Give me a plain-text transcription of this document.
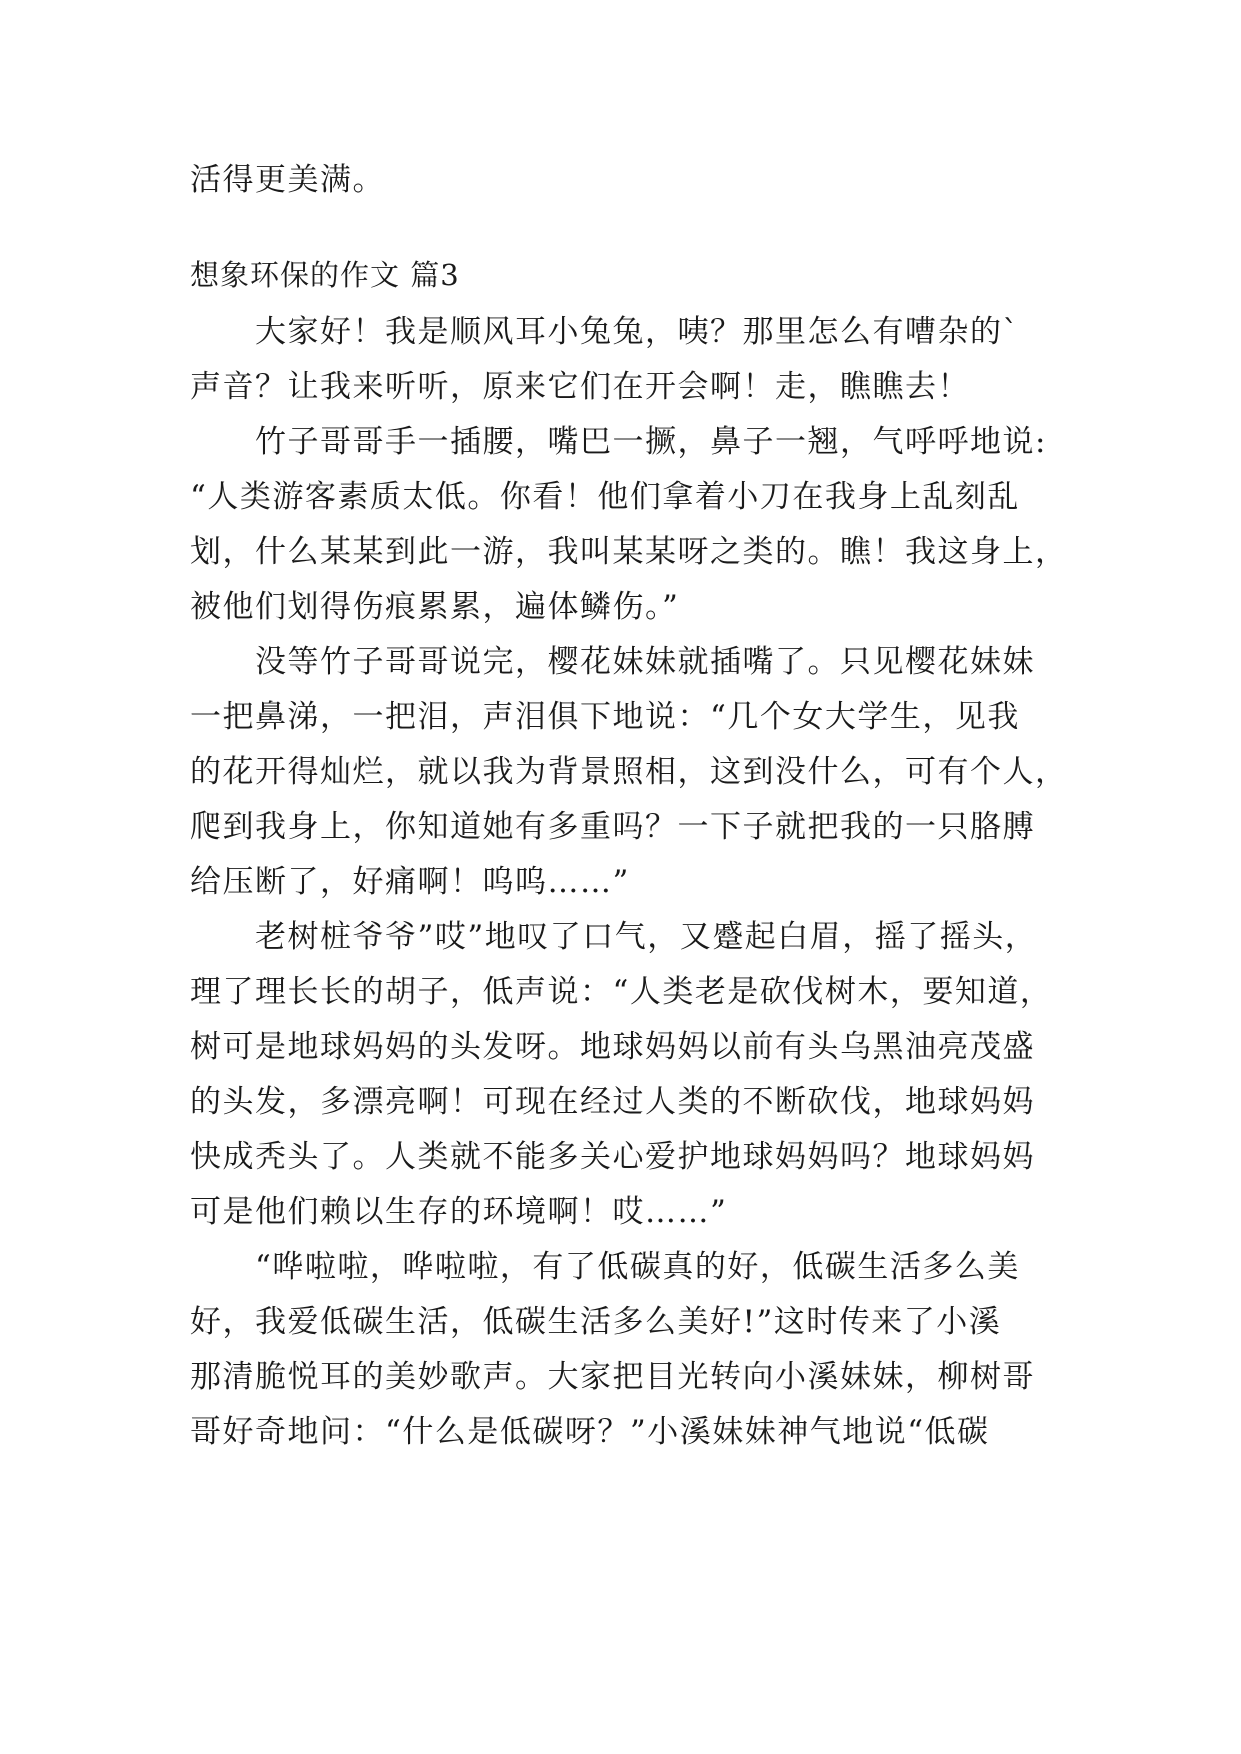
活得更美满。
想象环保的作文 篇3
　　大家好！我是顺风耳小兔兔，咦？那里怎么有嘈杂的`
声音？让我来听听，原来它们在开会啊！走，瞧瞧去！
　　竹子哥哥手一插腰，嘴巴一撅，鼻子一翘，气呼呼地说:
“人类游客素质太低。你看！他们拿着小刀在我身上乱刻乱
划，什么某某到此一游，我叫某某呀之类的。瞧！我这身上，
被他们划得伤痕累累，遍体鳞伤。”
　　没等竹子哥哥说完，樱花妹妹就插嘴了。只见樱花妹妹
一把鼻涕，一把泪，声泪俱下地说：“几个女大学生，见我
的花开得灿烂，就以我为背景照相，这到没什么，可有个人，
爬到我身上，你知道她有多重吗？一下子就把我的一只胳膊
给压断了，好痛啊！呜呜……”
　　老树桩爷爷”哎”地叹了口气，又蹙起白眉，摇了摇头，
理了理长长的胡子，低声说：“人类老是砍伐树木，要知道，
树可是地球妈妈的头发呀。地球妈妈以前有头乌黑油亮茂盛
的头发，多漂亮啊！可现在经过人类的不断砍伐，地球妈妈
快成秃头了。人类就不能多关心爱护地球妈妈吗？地球妈妈
可是他们赖以生存的环境啊！哎……”
　　“哗啦啦，哗啦啦，有了低碳真的好，低碳生活多么美
好，我爱低碳生活，低碳生活多么美好!”这时传来了小溪
那清脆悦耳的美妙歌声。大家把目光转向小溪妹妹，柳树哥
哥好奇地问：“什么是低碳呀？”小溪妹妹神气地说“低碳
